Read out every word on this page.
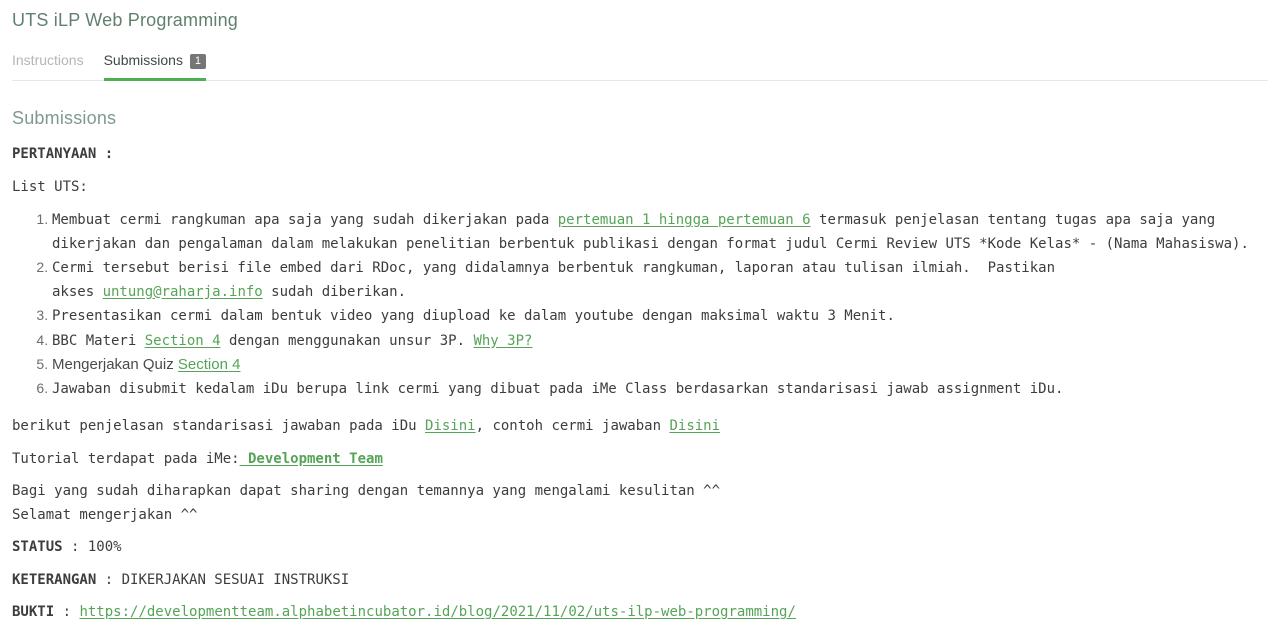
UTS iLP Web Programming
Instructions Submissions 1
Submissions

PERTANYAAN :

List UTS:

1. Membuat cermi rangkuman apa saja yang sudah dikerjakan pada pertemuan 1 hingga pertemuan 6 termasuk penjelasan tentang tugas apa saja yang
dikerjakan dan pengalaman dalam melakukan penelitian berbentuk publikasi dengan format judul Cermi Review UTS *Kode Kelas* - (Nama Mahasiswa).
2. Cermi tersebut berisi file embed dari RDoc, yang didalamnya berbentuk rangkuman, laporan atau tulisan ilmiah.  Pastikan
akses untung@raharja.info sudah diberikan.
3. Presentasikan cermi dalam bentuk video yang diupload ke dalam youtube dengan maksimal waktu 3 Menit.
4. BBC Materi Section 4 dengan menggunakan unsur 3P. Why 3P?
5. Mengerjakan Quiz Section 4
6. Jawaban disubmit kedalam iDu berupa link cermi yang dibuat pada iMe Class berdasarkan standarisasi jawab assignment iDu.

berikut penjelasan standarisasi jawaban pada iDu Disini, contoh cermi jawaban Disini

Tutorial terdapat pada iMe: Development Team

Bagi yang sudah diharapkan dapat sharing dengan temannya yang mengalami kesulitan ^^
Selamat mengerjakan ^^

STATUS : 100%

KETERANGAN : DIKERJAKAN SESUAI INSTRUKSI

BUKTI : https://developmentteam.alphabetincubator.id/blog/2021/11/02/uts-ilp-web-programming/
